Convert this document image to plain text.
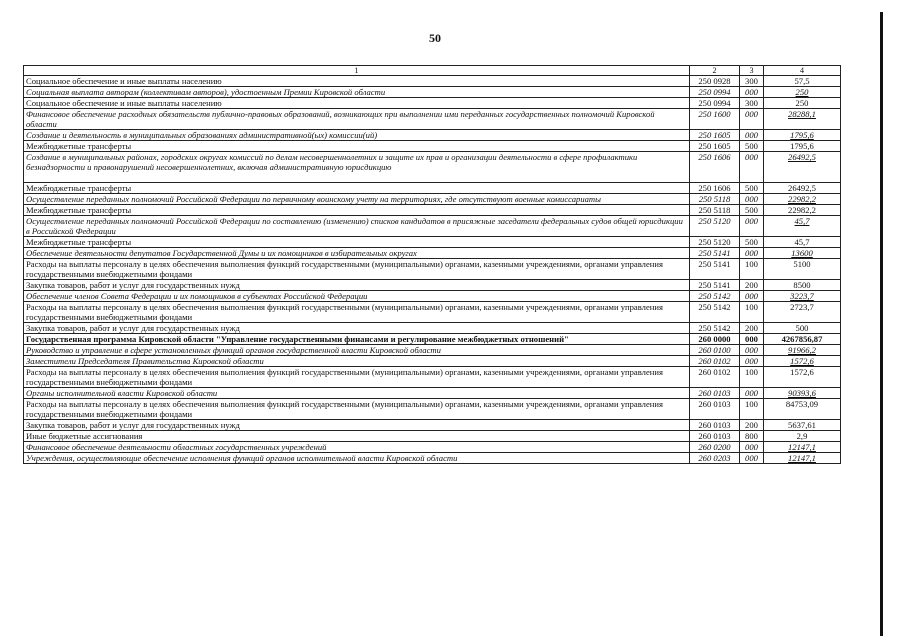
50
1	2	3	4
Социальное обеспечение и иные выплаты населению	250 0928	300	57,5
Социальная выплата авторам (коллективам авторов), удостоенным Премии Кировской области	250 0994	000	250
Социальное обеспечение и иные выплаты населению	250 0994	300	250
Финансовое обеспечение расходных обязательств публично-правовых образований, возникающих при выполнении ими переданных государственных полномочий Кировской области	250 1600	000	28288,1
Создание и деятельность в муниципальных образованиях административной(ых) комиссии(ий)	250 1605	000	1795,6
Межбюджетные трансферты	250 1605	500	1795,6
Создание в муниципальных районах, городских округах комиссий по делам несовершеннолетних и защите их прав и организации деятельности в сфере профилактики безнадзорности и правонарушений несовершеннолетних, включая административную юрисдикцию	250 1606	000	26492,5
Межбюджетные трансферты	250 1606	500	26492,5
Осуществление переданных полномочий Российской Федерации по первичному воинскому учету на территориях, где отсутствуют военные комиссариаты	250 5118	000	22982,2
Межбюджетные трансферты	250 5118	500	22982,2
Осуществление переданных полномочий Российской Федерации по составлению (изменению) списков кандидатов в присяжные заседатели федеральных судов общей юрисдикции в Российской Федерации	250 5120	000	45,7
Межбюджетные трансферты	250 5120	500	45,7
Обеспечение деятельности депутатов Государственной Думы и их помощников в избирательных округах	250 5141	000	13600
Расходы на выплаты персоналу в целях обеспечения выполнения функций государственными (муниципальными) органами, казенными учреждениями, органами управления государственными внебюджетными фондами	250 5141	100	5100
Закупка товаров, работ и услуг для государственных нужд	250 5141	200	8500
Обеспечение членов Совета Федерации и их помощников в субъектах Российской Федерации	250 5142	000	3223,7
Расходы на выплаты персоналу в целях обеспечения выполнения функций государственными (муниципальными) органами, казенными учреждениями, органами управления государственными внебюджетными фондами	250 5142	100	2723,7
Закупка товаров, работ и услуг для государственных нужд	250 5142	200	500
Государственная программа Кировской области "Управление государственными финансами и регулирование межбюджетных отношений"	260 0000	000	4267856,87
Руководство и управление в сфере установленных функций органов государственной власти Кировской области	260 0100	000	91966,2
Заместители Председателя Правительства Кировской области	260 0102	000	1572,6
Расходы на выплаты персоналу в целях обеспечения выполнения функций государственными (муниципальными) органами, казенными учреждениями, органами управления государственными внебюджетными фондами	260 0102	100	1572,6
Органы исполнительной власти Кировской области	260 0103	000	90393,6
Расходы на выплаты персоналу в целях обеспечения выполнения функций государственными (муниципальными) органами, казенными учреждениями, органами управления государственными внебюджетными фондами	260 0103	100	84753,09
Закупка товаров, работ и услуг для государственных нужд	260 0103	200	5637,61
Иные бюджетные ассигнования	260 0103	800	2,9
Финансовое обеспечение деятельности областных государственных учреждений	260 0200	000	12147,1
Учреждения, осуществляющие обеспечение исполнения функций органов исполнительной власти Кировской области	260 0203	000	12147,1
